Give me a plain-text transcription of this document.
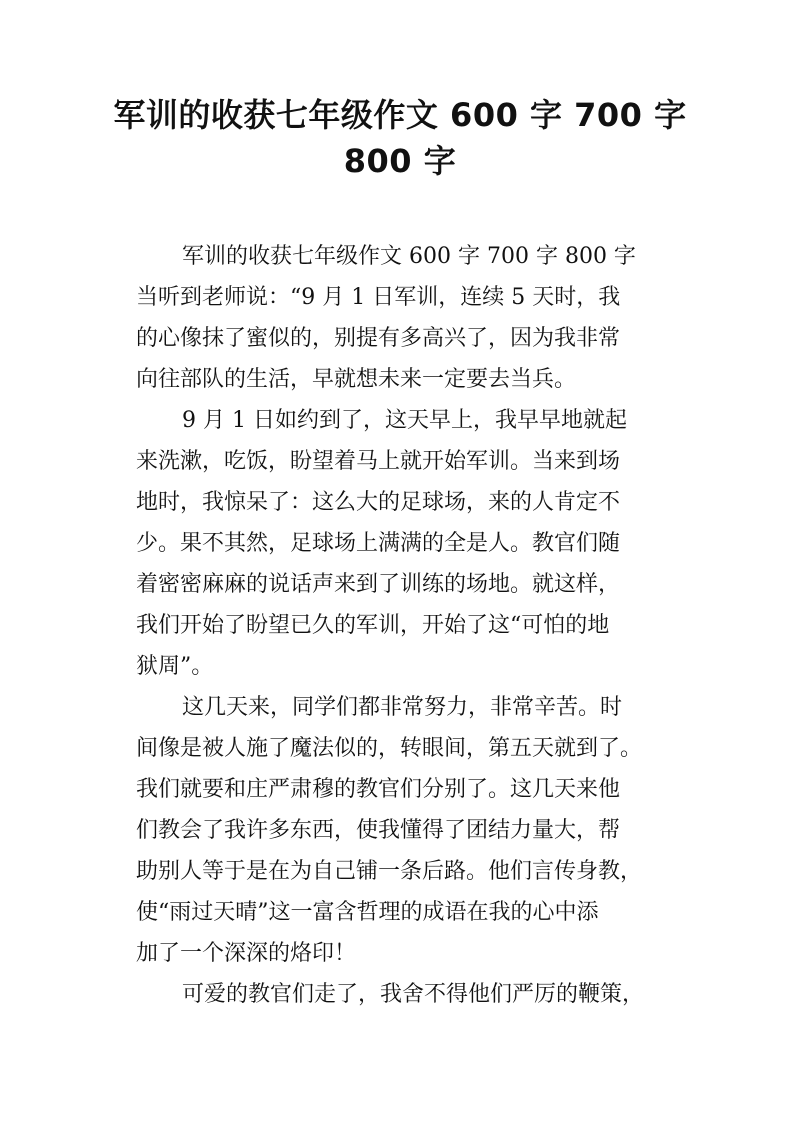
军训的收获七年级作文 600 字 700 字
800 字
军训的收获七年级作文 600 字 700 字 800 字
当听到老师说：“9 月 1 日军训，连续 5 天时，我
的心像抹了蜜似的，别提有多高兴了，因为我非常
向往部队的生活，早就想未来一定要去当兵。
9 月 1 日如约到了，这天早上，我早早地就起
来洗漱，吃饭，盼望着马上就开始军训。当来到场
地时，我惊呆了：这么大的足球场，来的人肯定不
少。果不其然，足球场上满满的全是人。教官们随
着密密麻麻的说话声来到了训练的场地。就这样，
我们开始了盼望已久的军训，开始了这“可怕的地
狱周”。
这几天来，同学们都非常努力，非常辛苦。时
间像是被人施了魔法似的，转眼间，第五天就到了。
我们就要和庄严肃穆的教官们分别了。这几天来他
们教会了我许多东西，使我懂得了团结力量大，帮
助别人等于是在为自己铺一条后路。他们言传身教，
使“雨过天晴”这一富含哲理的成语在我的心中添
加了一个深深的烙印！
可爱的教官们走了，我舍不得他们严厉的鞭策，
